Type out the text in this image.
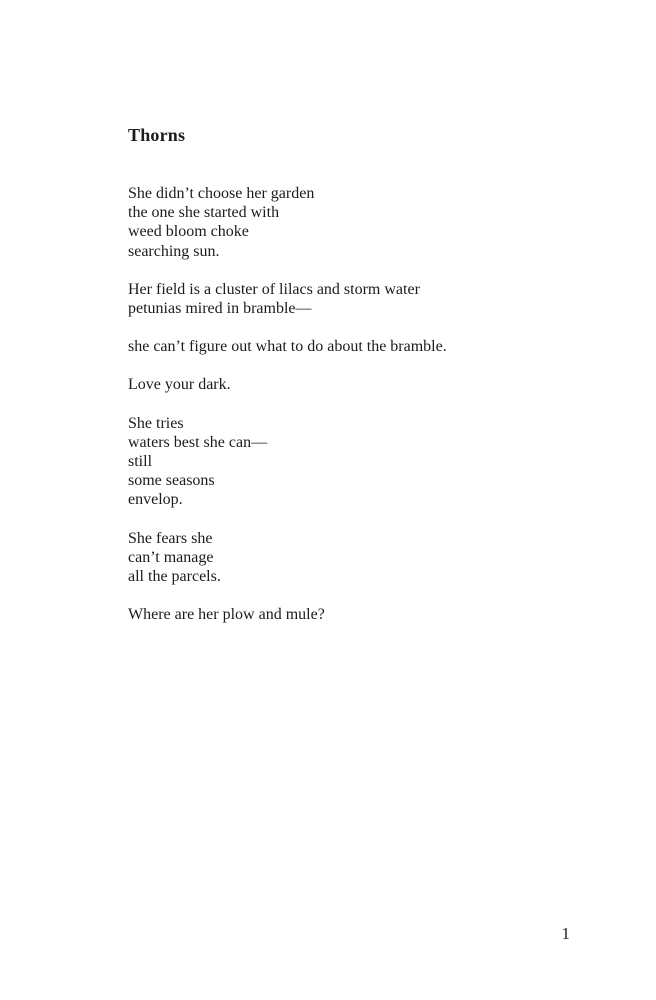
Thorns
She didn’t choose her garden
the one she started with
weed bloom choke
searching sun.
Her field is a cluster of lilacs and storm water
petunias mired in bramble—
she can’t figure out what to do about the bramble.
Love your dark.
She tries
waters best she can—
still
some seasons
envelop.
She fears she
can’t manage
all the parcels.
Where are her plow and mule?
1
